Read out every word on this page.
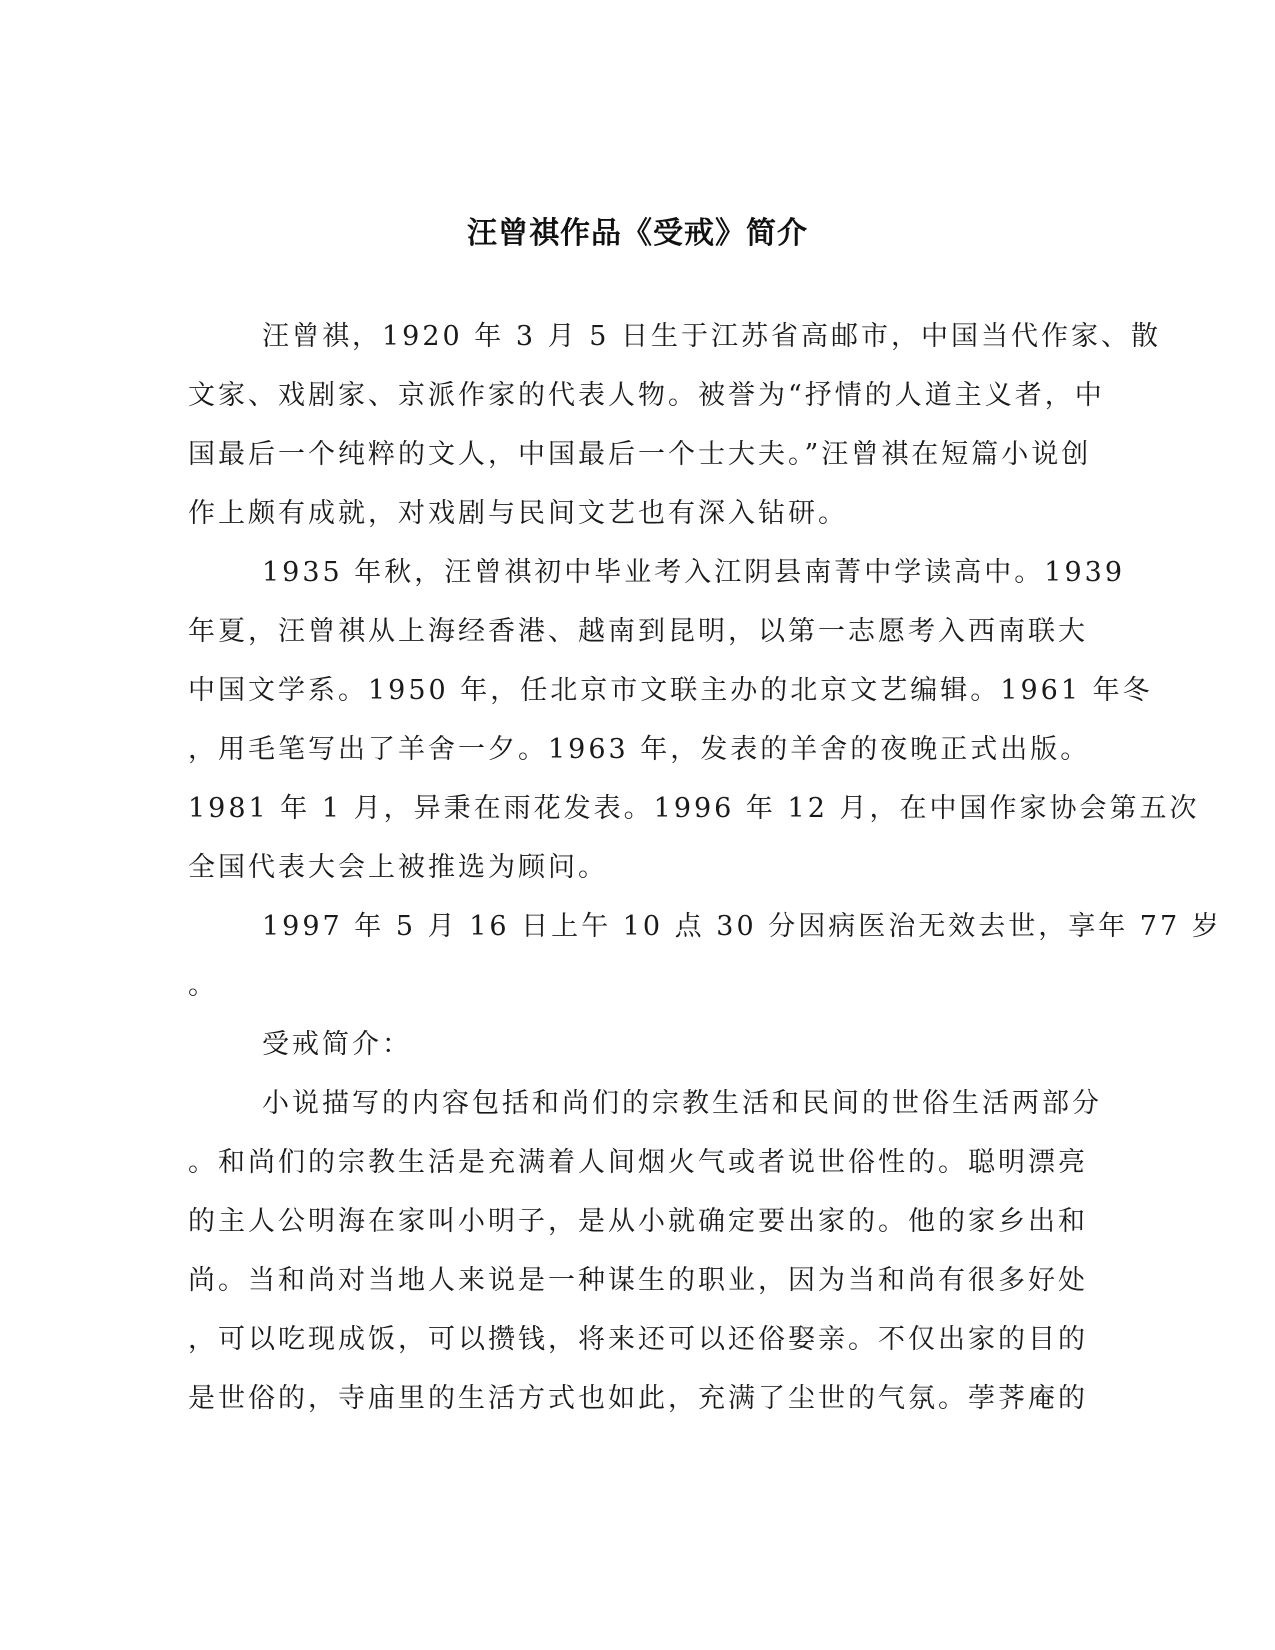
汪曾祺作品《受戒》简介
汪曾祺，1920 年 3 月 5 日生于江苏省高邮市，中国当代作家、散
文家、戏剧家、京派作家的代表人物。被誉为“抒情的人道主义者，中
国最后一个纯粹的文人，中国最后一个士大夫。”汪曾祺在短篇小说创
作上颇有成就，对戏剧与民间文艺也有深入钻研。
1935 年秋，汪曾祺初中毕业考入江阴县南菁中学读高中。1939
年夏，汪曾祺从上海经香港、越南到昆明，以第一志愿考入西南联大
中国文学系。1950 年，任北京市文联主办的北京文艺编辑。1961 年冬
，用毛笔写出了羊舍一夕。1963 年，发表的羊舍的夜晚正式出版。
1981 年 1 月，异秉在雨花发表。1996 年 12 月，在中国作家协会第五次
全国代表大会上被推选为顾问。
1997 年 5 月 16 日上午 10 点 30 分因病医治无效去世，享年 77 岁
。
受戒简介：
小说描写的内容包括和尚们的宗教生活和民间的世俗生活两部分
。和尚们的宗教生活是充满着人间烟火气或者说世俗性的。聪明漂亮
的主人公明海在家叫小明子，是从小就确定要出家的。他的家乡出和
尚。当和尚对当地人来说是一种谋生的职业，因为当和尚有很多好处
，可以吃现成饭，可以攒钱，将来还可以还俗娶亲。不仅出家的目的
是世俗的，寺庙里的生活方式也如此，充满了尘世的气氛。荸荠庵的
